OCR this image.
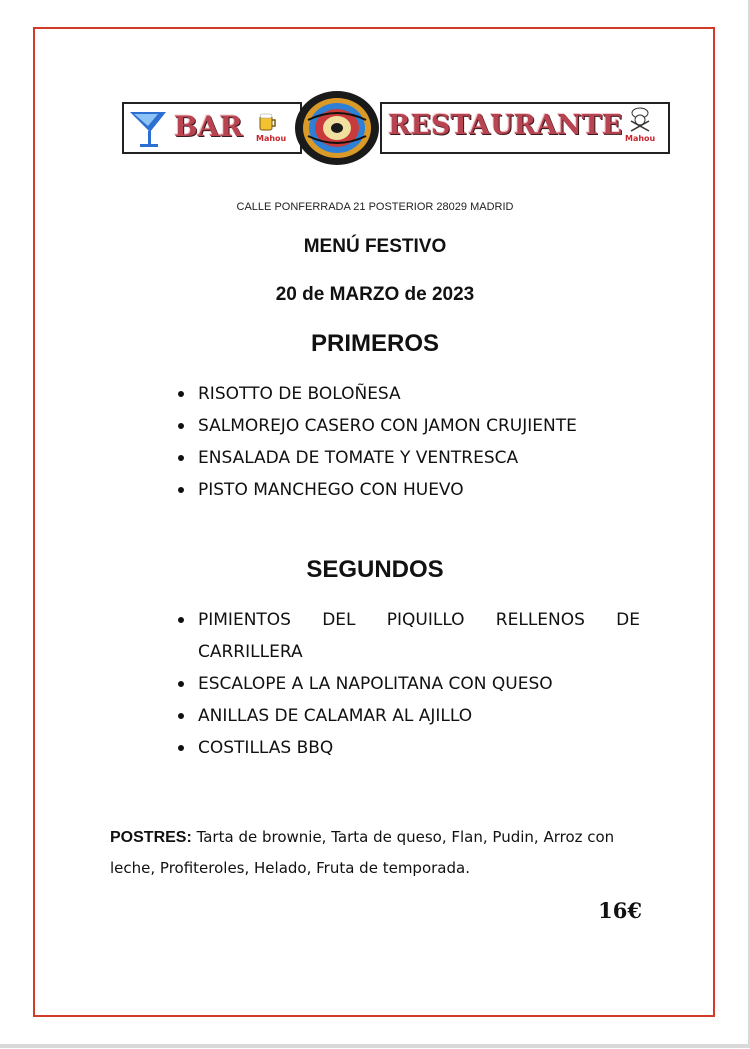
BAR Mahou	RESTAURANTE Mahou
CALLE PONFERRADA 21 POSTERIOR 28029 MADRID
MENÚ FESTIVO
20 de MARZO de 2023
PRIMEROS
RISOTTO DE BOLOÑESA
SALMOREJO CASERO CON JAMON CRUJIENTE
ENSALADA DE TOMATE Y VENTRESCA
PISTO MANCHEGO CON HUEVO
SEGUNDOS
PIMIENTOS DEL PIQUILLO RELLENOS DE CARRILLERA
ESCALOPE A LA NAPOLITANA CON QUESO
ANILLAS DE CALAMAR AL AJILLO
COSTILLAS BBQ
POSTRES: Tarta de brownie, Tarta de queso, Flan, Pudin, Arroz con leche, Profiteroles, Helado, Fruta de temporada.
16€
